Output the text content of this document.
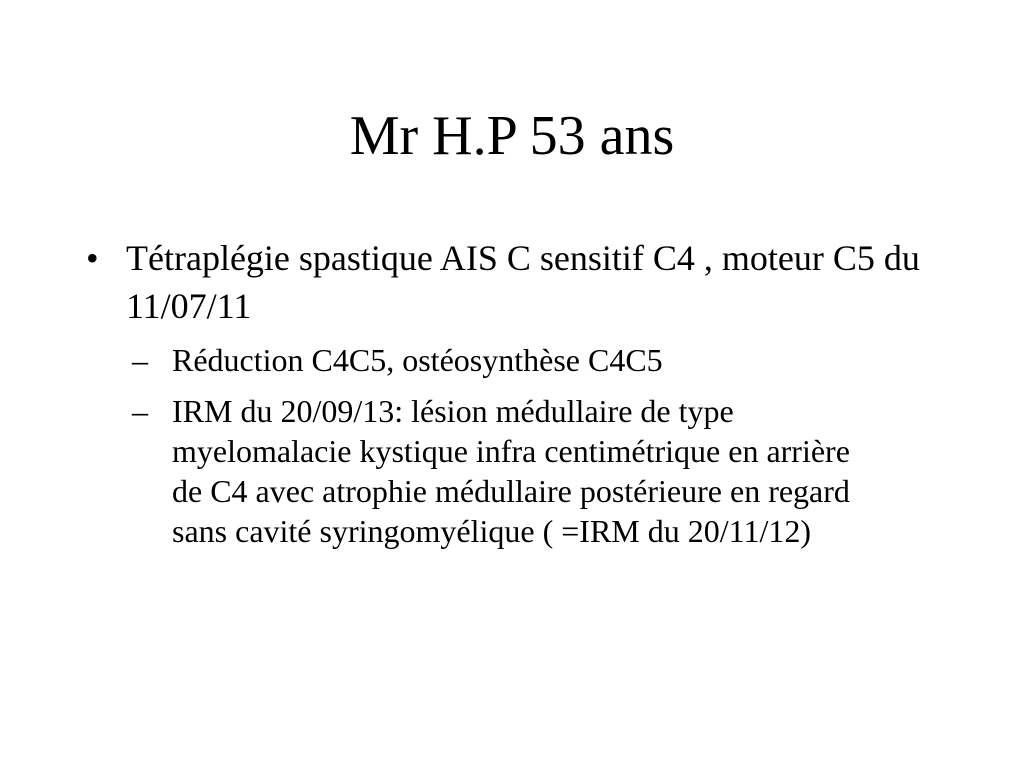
Mr H.P 53 ans
• Tétraplégie spastique AIS C sensitif C4 , moteur C5 du 11/07/11
– Réduction C4C5, ostéosynthèse C4C5
– IRM du 20/09/13: lésion médullaire de type myelomalacie kystique infra centimétrique en arrière de C4 avec atrophie médullaire postérieure en regard sans cavité syringomyélique ( =IRM du 20/11/12)
